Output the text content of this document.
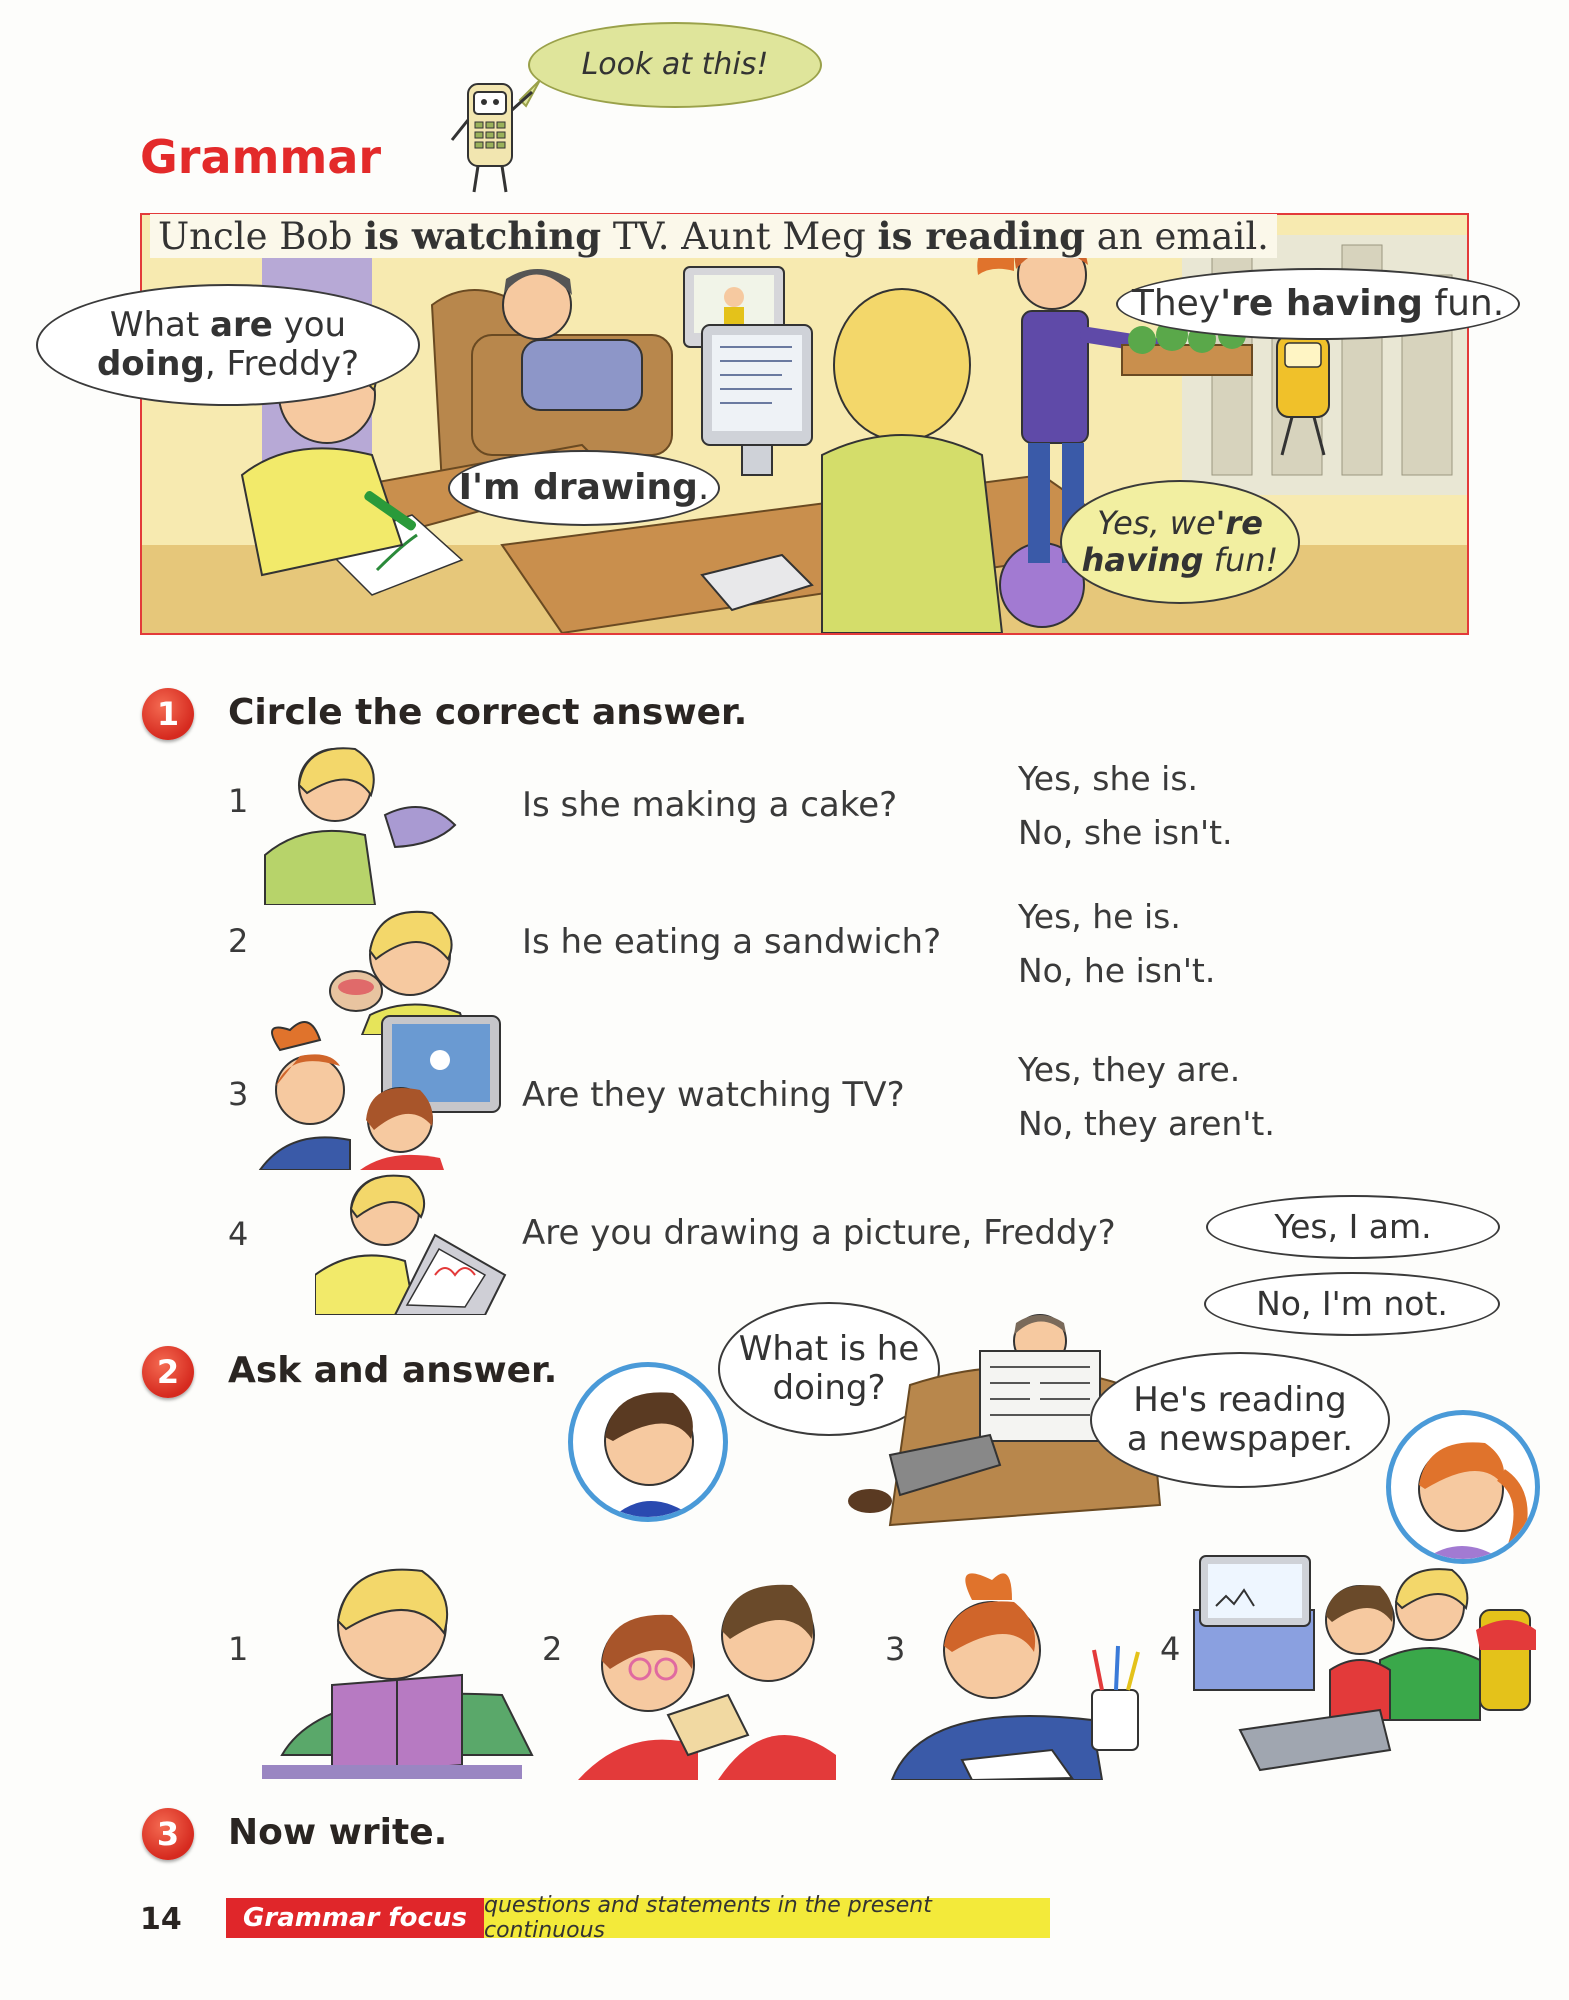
Look at this!
Grammar
Uncle Bob is watching TV. Aunt Meg is reading an email.
What are you
doing, Freddy?
I'm drawing.
They're having fun.
Yes, we're
having fun!
1	Circle the correct answer.
1	Is she making a cake?
Yes, she is.
No, she isn't.
2	Is he eating a sandwich?
Yes, he is.
No, he isn't.
3	Are they watching TV?
Yes, they are.
No, they aren't.
4	Are you drawing a picture, Freddy?	Yes, I am.
No, I'm not.
2	Ask and answer.
What is he
doing?	He's reading
a newspaper.
1	2	3	4
3	Now write.
14 Grammar focus questions and statements in the present continuous
